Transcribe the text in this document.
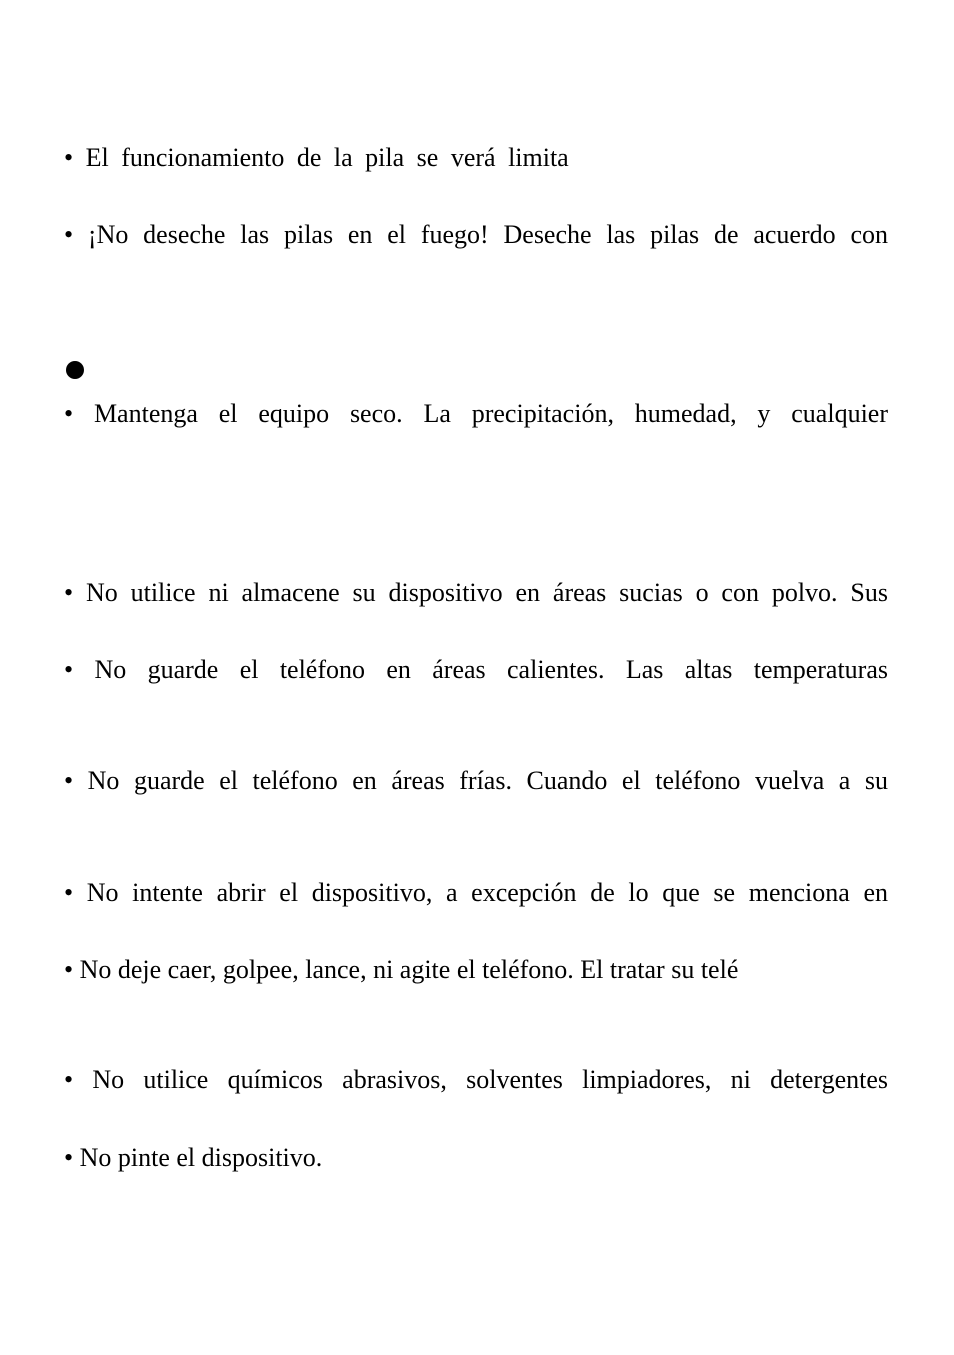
• El funcionamiento de la pila se verá limita

• ¡No deseche las pilas en el fuego! Deseche las pilas de acuerdo con

• Mantenga el equipo seco. La precipitación, humedad, y cualquier

• No utilice ni almacene su dispositivo en áreas sucias o con polvo. Sus

• No guarde el teléfono en áreas calientes. Las altas temperaturas

• No guarde el teléfono en áreas frías. Cuando el teléfono vuelva a su

• No intente abrir el dispositivo, a excepción de lo que se menciona en

• No deje caer, golpee, lance, ni agite el teléfono. El tratar su telé

• No utilice químicos abrasivos, solventes limpiadores, ni detergentes

• No pinte el dispositivo.
